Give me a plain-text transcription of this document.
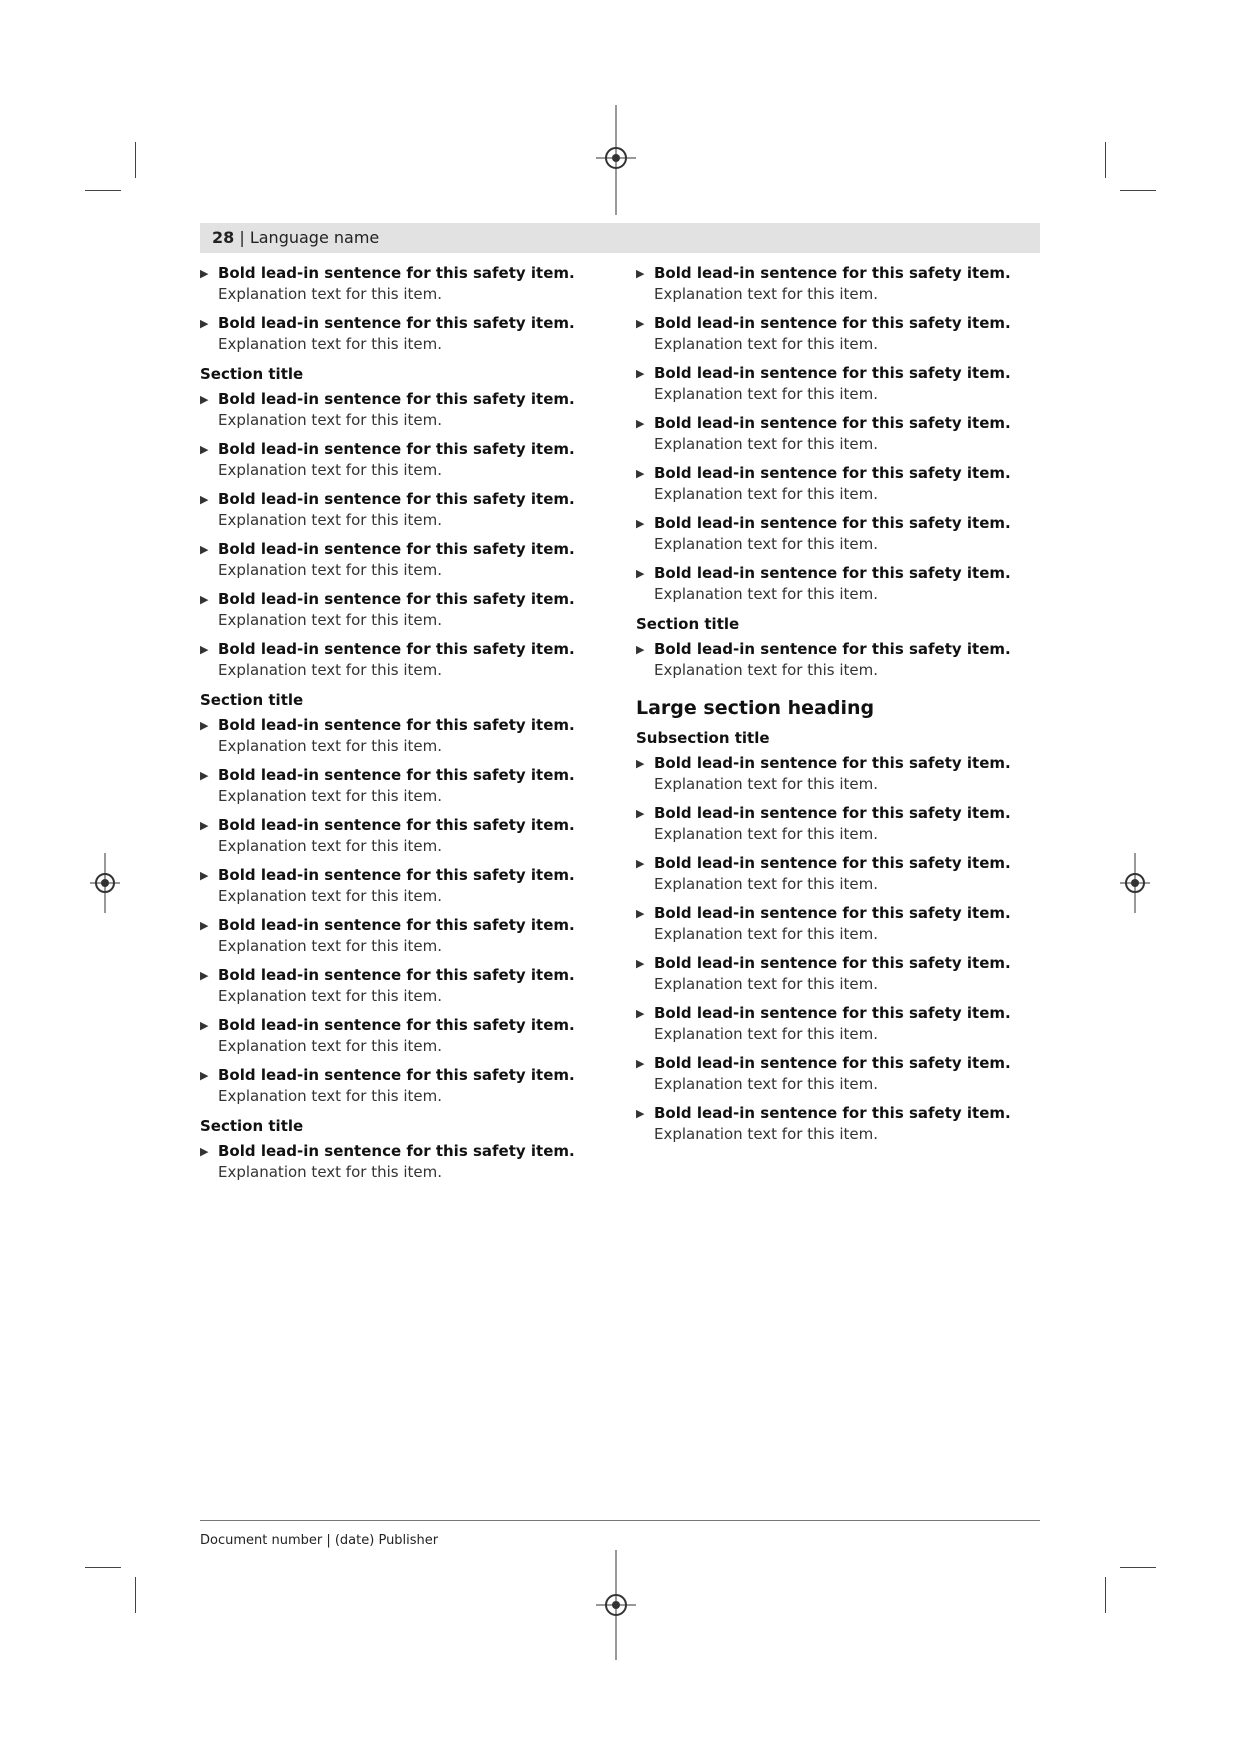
28 | Language name
▶ Bold lead-in sentence for this safety item. Explanation text for this item.
▶ Bold lead-in sentence for this safety item. Explanation text for this item.
Section title
▶ Bold lead-in sentence for this safety item. Explanation text for this item.
▶ Bold lead-in sentence for this safety item. Explanation text for this item.
▶ Bold lead-in sentence for this safety item. Explanation text for this item.
▶ Bold lead-in sentence for this safety item. Explanation text for this item.
▶ Bold lead-in sentence for this safety item. Explanation text for this item.
▶ Bold lead-in sentence for this safety item. Explanation text for this item.
Section title
▶ Bold lead-in sentence for this safety item. Explanation text for this item.
▶ Bold lead-in sentence for this safety item. Explanation text for this item.
▶ Bold lead-in sentence for this safety item. Explanation text for this item.
▶ Bold lead-in sentence for this safety item. Explanation text for this item.
▶ Bold lead-in sentence for this safety item. Explanation text for this item.
▶ Bold lead-in sentence for this safety item. Explanation text for this item.
▶ Bold lead-in sentence for this safety item. Explanation text for this item.
▶ Bold lead-in sentence for this safety item. Explanation text for this item.
Section title
▶ Bold lead-in sentence for this safety item. Explanation text for this item.
▶ Bold lead-in sentence for this safety item. Explanation text for this item.
▶ Bold lead-in sentence for this safety item. Explanation text for this item.
▶ Bold lead-in sentence for this safety item. Explanation text for this item.
▶ Bold lead-in sentence for this safety item. Explanation text for this item.
▶ Bold lead-in sentence for this safety item. Explanation text for this item.
▶ Bold lead-in sentence for this safety item. Explanation text for this item.
▶ Bold lead-in sentence for this safety item. Explanation text for this item.
Section title
▶ Bold lead-in sentence for this safety item. Explanation text for this item.
Large section heading
Subsection title
▶ Bold lead-in sentence for this safety item. Explanation text for this item.
▶ Bold lead-in sentence for this safety item. Explanation text for this item.
▶ Bold lead-in sentence for this safety item. Explanation text for this item.
▶ Bold lead-in sentence for this safety item. Explanation text for this item.
▶ Bold lead-in sentence for this safety item. Explanation text for this item.
▶ Bold lead-in sentence for this safety item. Explanation text for this item.
▶ Bold lead-in sentence for this safety item. Explanation text for this item.
▶ Bold lead-in sentence for this safety item. Explanation text for this item.
Document number | (date) Publisher
